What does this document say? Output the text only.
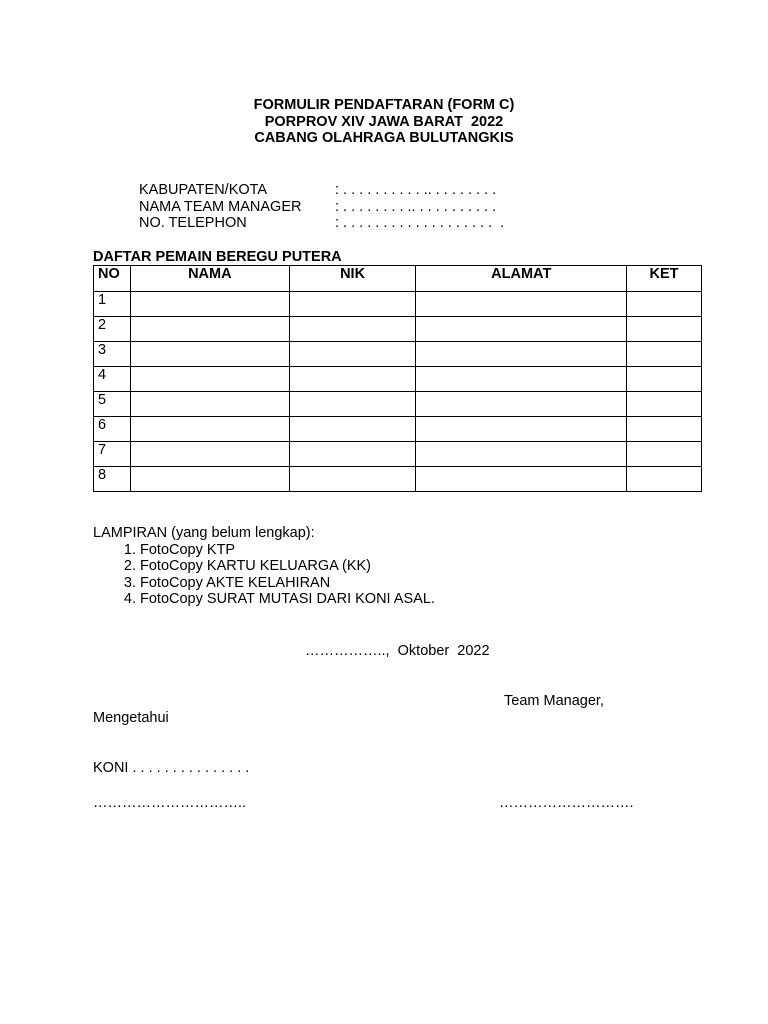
FORMULIR PENDAFTARAN (FORM C)
PORPROV XIV JAWA BARAT  2022
CABANG OLAHRAGA BULUTANGKIS
KABUPATEN/KOTA	: . . . . . . . . . . .. . . . . . . . .
NAMA TEAM MANAGER	: . . . . . . . . .. . . . . . . . . . .
NO. TELEPHON	: . . . . . . . . . . . . . . . . . . .  .
DAFTAR PEMAIN BEREGU PUTERA
NO	NAMA	NIK	ALAMAT	KET
1				
2				
3				
4				
5				
6				
7				
8				
LAMPIRAN (yang belum lengkap):
1. FotoCopy KTP
2. FotoCopy KARTU KELUARGA (KK)
3. FotoCopy AKTE KELAHIRAN
4. FotoCopy SURAT MUTASI DARI KONI ASAL.
……………..,  Oktober  2022

Mengetahui

KONI . . . . . . . . . . . . . . .

Team Manager,
…………………………..	……………………….
